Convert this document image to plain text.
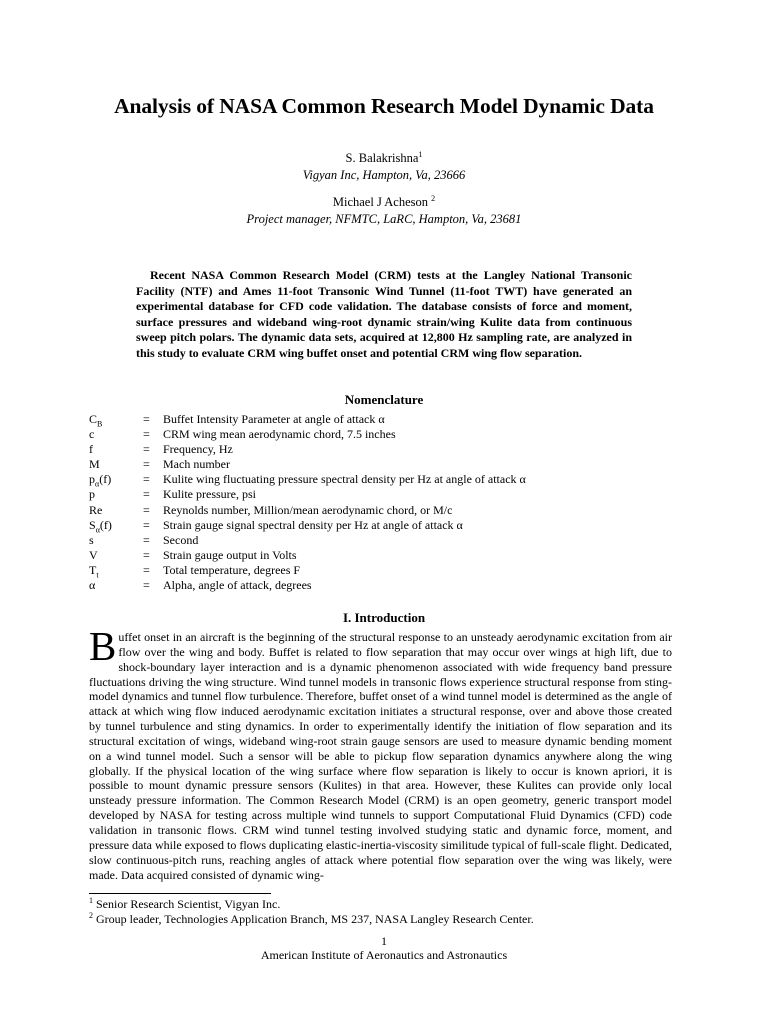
Analysis of NASA Common Research Model Dynamic Data
S. Balakrishna$^1$
Vigyan Inc, Hampton, Va, 23666
Michael J Acheson $^2$
Project manager, NFMTC, LaRC, Hampton, Va, 23681
Recent NASA Common Research Model (CRM) tests at the Langley National Transonic Facility (NTF) and Ames 11-foot Transonic Wind Tunnel (11-foot TWT) have generated an experimental database for CFD code validation. The database consists of force and moment, surface pressures and wideband wing-root dynamic strain/wing Kulite data from continuous sweep pitch polars. The dynamic data sets, acquired at 12,800 Hz sampling rate, are analyzed in this study to evaluate CRM wing buffet onset and potential CRM wing flow separation.
Nomenclature
$C_B$	=	Buffet Intensity Parameter at angle of attack α
c	=	CRM wing mean aerodynamic chord, 7.5 inches
f	=	Frequency, Hz
M	=	Mach number
$p_\alpha(f)$	=	Kulite wing fluctuating pressure spectral density per Hz at angle of attack α
p	=	Kulite pressure, psi
Re	=	Reynolds number, Million/mean aerodynamic chord, or M/c
$S_\alpha(f)$	=	Strain gauge signal spectral density per Hz at angle of attack α
s	=	Second
V	=	Strain gauge output in Volts
$T_t$	=	Total temperature, degrees F
α	=	Alpha, angle of attack, degrees
I. Introduction
Buffet onset in an aircraft is the beginning of the structural response to an unsteady aerodynamic excitation from air flow over the wing and body. Buffet is related to flow separation that may occur over wings at high lift, due to shock-boundary layer interaction and is a dynamic phenomenon associated with wide frequency band pressure fluctuations driving the wing structure. Wind tunnel models in transonic flows experience structural response from sting-model dynamics and tunnel flow turbulence. Therefore, buffet onset of a wind tunnel model is determined as the angle of attack at which wing flow induced aerodynamic excitation initiates a structural response, over and above those created by tunnel turbulence and sting dynamics. In order to experimentally identify the initiation of flow separation and its structural excitation of wings, wideband wing-root strain gauge sensors are used to measure dynamic bending moment on a wind tunnel model. Such a sensor will be able to pickup flow separation dynamics anywhere along the wing globally. If the physical location of the wing surface where flow separation is likely to occur is known apriori, it is possible to mount dynamic pressure sensors (Kulites) in that area. However, these Kulites can provide only local unsteady pressure information. The Common Research Model (CRM) is an open geometry, generic transport model developed by NASA for testing across multiple wind tunnels to support Computational Fluid Dynamics (CFD) code validation in transonic flows. CRM wind tunnel testing involved studying static and dynamic force, moment, and pressure data while exposed to flows duplicating elastic-inertia-viscosity similitude typical of full-scale flight. Dedicated, slow continuous-pitch runs, reaching angles of attack where potential flow separation over the wing was likely, were made. Data acquired consisted of dynamic wing-
$^1$ Senior Research Scientist, Vigyan Inc.
$^2$ Group leader, Technologies Application Branch, MS 237, NASA Langley Research Center.
1
American Institute of Aeronautics and Astronautics
